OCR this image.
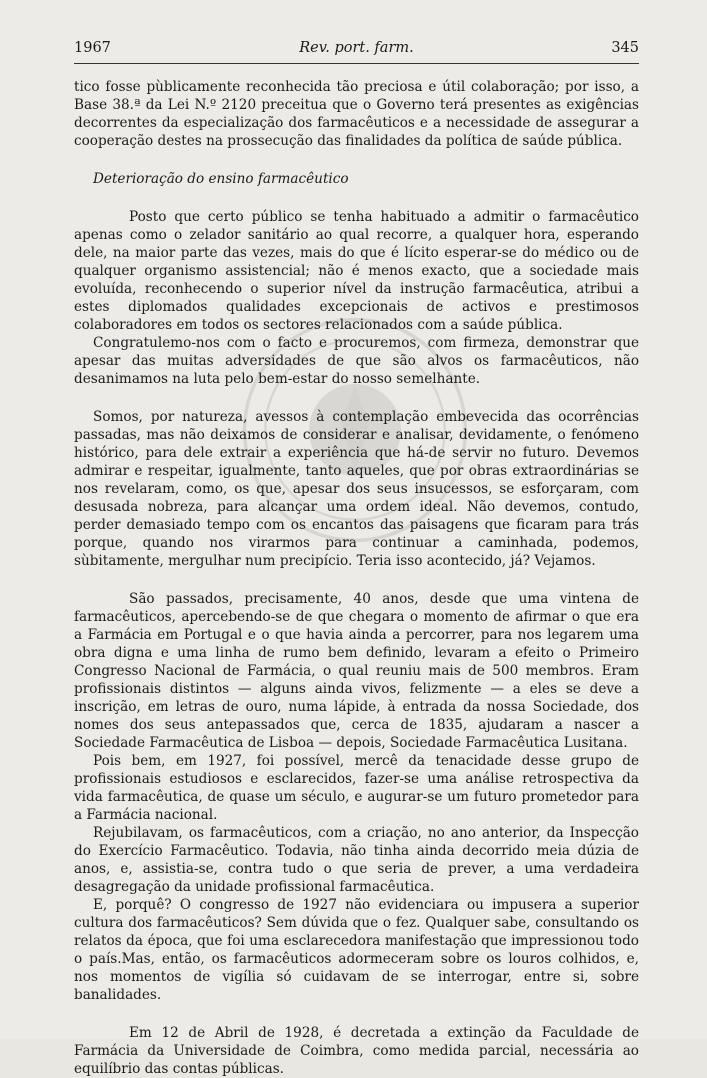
1967	Rev. port. farm.	345

tico fosse pùblicamente reconhecida tão preciosa e útil colaboração; por isso, a Base 38.ª da Lei N.º 2120 preceitua que o Governo terá presentes as exigências decorrentes da especialização dos farmacêuticos e a necessidade de assegurar a cooperação destes na prossecução das finalidades da política de saúde pública.

Deterioração do ensino farmacêutico

Posto que certo público se tenha habituado a admitir o farmacêutico apenas como o zelador sanitário ao qual recorre, a qualquer hora, esperando dele, na maior parte das vezes, mais do que é lícito esperar-se do médico ou de qualquer organismo assistencial; não é menos exacto, que a sociedade mais evoluída, reconhecendo o superior nível da instrução farmacêutica, atribui a estes diplomados qualidades excepcionais de activos e prestimosos colaboradores em todos os sectores relacionados com a saúde pública.

Congratulemo-nos com o facto e procuremos, com firmeza, demonstrar que apesar das muitas adversidades de que são alvos os farmacêuticos, não desanimamos na luta pelo bem-estar do nosso semelhante.

Somos, por natureza, avessos à contemplação embevecida das ocorrências passadas, mas não deixamos de considerar e analisar, devidamente, o fenómeno histórico, para dele extrair a experiência que há-de servir no futuro. Devemos admirar e respeitar, igualmente, tanto aqueles, que por obras extraordinárias se nos revelaram, como, os que, apesar dos seus insucessos, se esforçaram, com desusada nobreza, para alcançar uma ordem ideal. Não devemos, contudo, perder demasiado tempo com os encantos das paisagens que ficaram para trás porque, quando nos virarmos para continuar a caminhada, podemos, sùbitamente, mergulhar num precipício. Teria isso acontecido, já? Vejamos.

São passados, precisamente, 40 anos, desde que uma vintena de farmacêuticos, apercebendo-se de que chegara o momento de afirmar o que era a Farmácia em Portugal e o que havia ainda a percorrer, para nos legarem uma obra digna e uma linha de rumo bem definido, levaram a efeito o Primeiro Congresso Nacional de Farmácia, o qual reuniu mais de 500 membros. Eram profissionais distintos — alguns ainda vivos, felizmente — a eles se deve a inscrição, em letras de ouro, numa lápide, à entrada da nossa Sociedade, dos nomes dos seus antepassados que, cerca de 1835, ajudaram a nascer a Sociedade Farmacêutica de Lisboa — depois, Sociedade Farmacêutica Lusitana.

Pois bem, em 1927, foi possível, mercê da tenacidade desse grupo de profissionais estudiosos e esclarecidos, fazer-se uma análise retrospectiva da vida farmacêutica, de quase um século, e augurar-se um futuro prometedor para a Farmácia nacional.

Rejubilavam, os farmacêuticos, com a criação, no ano anterior, da Inspecção do Exercício Farmacêutico. Todavia, não tinha ainda decorrido meia dúzia de anos, e, assistia-se, contra tudo o que seria de prever, a uma verdadeira desagregação da unidade profissional farmacêutica.

E, porquê? O congresso de 1927 não evidenciara ou impusera a superior cultura dos farmacêuticos? Sem dúvida que o fez. Qualquer sabe, consultando os relatos da época, que foi uma esclarecedora manifestação que impressionou todo o país.Mas, então, os farmacêuticos adormeceram sobre os louros colhidos, e, nos momentos de vigília só cuidavam de se interrogar, entre si, sobre banalidades.

Em 12 de Abril de 1928, é decretada a extinção da Faculdade de Farmácia da Universidade de Coimbra, como medida parcial, necessária ao equilíbrio das contas públicas.
